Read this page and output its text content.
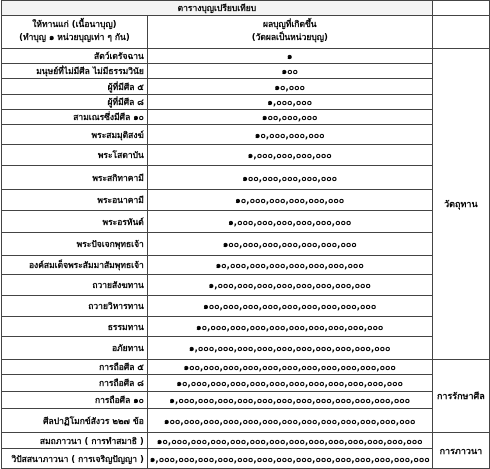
ตารางบุญเปรียบเทียบ		

ให้ทานแก่ (เนื้อนาบุญ)
(ทำบุญ ๑ หน่วยบุญเท่า ๆ กัน)	ผลบุญที่เกิดขึ้น
(วัดผลเป็นหน่วยบุญ)	

สัตว์เดรัจฉาน	๑	วัตถุทาน
มนุษย์ที่ไม่มีศีล ไม่มีธรรมวินัย	๑๐๐	
ผู้ที่มีศีล ๕	๑๐,๐๐๐	
ผู้ที่มีศีล ๘	๑,๐๐๐,๐๐๐	
สามเณรซึ่งมีศีล ๑๐	๑๐๐,๐๐๐,๐๐๐	
พระสมมุติสงฆ์	๑๐,๐๐๐,๐๐๐,๐๐๐	
พระโสดาบัน	๑,๐๐๐,๐๐๐,๐๐๐,๐๐๐	
พระสกิทาคามี	๑๐๐,๐๐๐,๐๐๐,๐๐๐,๐๐๐	
พระอนาคามี	๑๐,๐๐๐,๐๐๐,๐๐๐,๐๐๐,๐๐๐	
พระอรหันต์	๑,๐๐๐,๐๐๐,๐๐๐,๐๐๐,๐๐๐,๐๐๐	
พระปัจเจกพุทธเจ้า	๑๐๐,๐๐๐,๐๐๐,๐๐๐,๐๐๐,๐๐๐,๐๐๐	
องค์สมเด็จพระสัมมาสัมพุทธเจ้า	๑๐,๐๐๐,๐๐๐,๐๐๐,๐๐๐,๐๐๐,๐๐๐,๐๐๐	
ถวายสังฆทาน	๑,๐๐๐,๐๐๐,๐๐๐,๐๐๐,๐๐๐,๐๐๐,๐๐๐,๐๐๐	
ถวายวิหารทาน	๑๐๐,๐๐๐,๐๐๐,๐๐๐,๐๐๐,๐๐๐,๐๐๐,๐๐๐,๐๐๐	
ธรรมทาน	๑๐,๐๐๐,๐๐๐,๐๐๐,๐๐๐,๐๐๐,๐๐๐,๐๐๐,๐๐๐,๐๐๐	
อภัยทาน	๑,๐๐๐,๐๐๐,๐๐๐,๐๐๐,๐๐๐,๐๐๐,๐๐๐,๐๐๐,๐๐๐,๐๐๐	
การถือศีล ๕	๑๐๐,๐๐๐,๐๐๐,๐๐๐,๐๐๐,๐๐๐,๐๐๐,๐๐๐,๐๐๐,๐๐๐,๐๐๐	การรักษาศีล
การถือศีล ๘	๑๐,๐๐๐,๐๐๐,๐๐๐,๐๐๐,๐๐๐,๐๐๐,๐๐๐,๐๐๐,๐๐๐,๐๐๐,๐๐๐	
การถือศีล ๑๐	๑,๐๐๐,๐๐๐,๐๐๐,๐๐๐,๐๐๐,๐๐๐,๐๐๐,๐๐๐,๐๐๐,๐๐๐,๐๐๐,๐๐๐	
ศีลปาฏิโมกข์สังวร ๒๒๗ ข้อ	๑๐๐,๐๐๐,๐๐๐,๐๐๐,๐๐๐,๐๐๐,๐๐๐,๐๐๐,๐๐๐,๐๐๐,๐๐๐,๐๐๐,๐๐๐	
สมถภาวนา ( การทำสมาธิ )	๑๐,๐๐๐,๐๐๐,๐๐๐,๐๐๐,๐๐๐,๐๐๐,๐๐๐,๐๐๐,๐๐๐,๐๐๐,๐๐๐,๐๐๐,๐๐๐	การภาวนา
วิปัสสนาภาวนา ( การเจริญปัญญา )	๑,๐๐๐,๐๐๐,๐๐๐,๐๐๐,๐๐๐,๐๐๐,๐๐๐,๐๐๐,๐๐๐,๐๐๐,๐๐๐,๐๐๐,๐๐๐,๐๐๐	
